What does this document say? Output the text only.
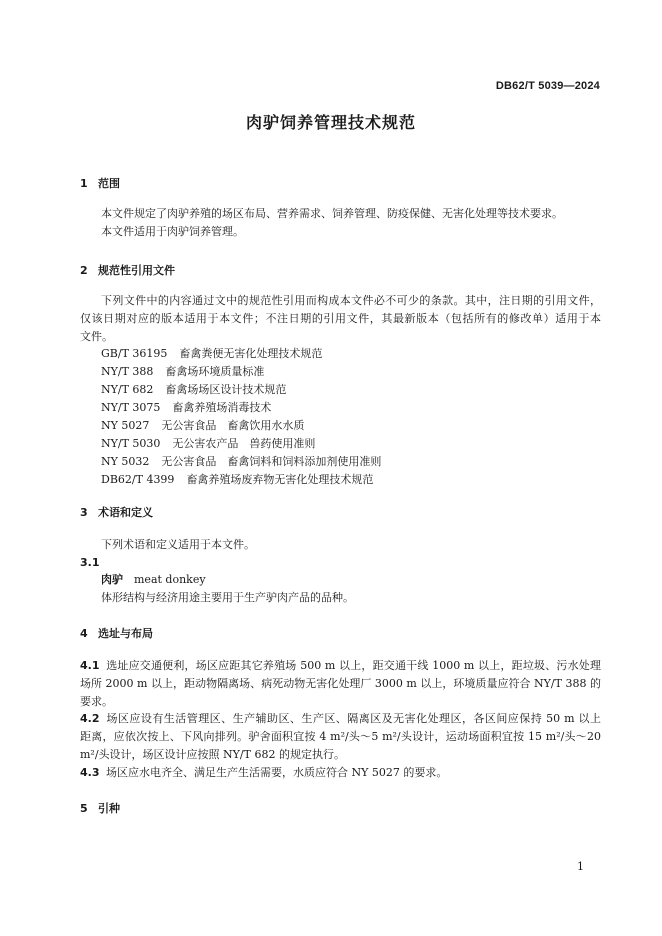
DB62/T 5039—2024
肉驴饲养管理技术规范
1 范围
本文件规定了肉驴养殖的场区布局、营养需求、饲养管理、防疫保健、无害化处理等技术要求。
本文件适用于肉驴饲养管理。
2 规范性引用文件
下列文件中的内容通过文中的规范性引用而构成本文件必不可少的条款。其中，注日期的引用文件，
仅该日期对应的版本适用于本文件；不注日期的引用文件，其最新版本（包括所有的修改单）适用于本
文件。
GB/T 36195 畜禽粪便无害化处理技术规范
NY/T 388 畜禽场环境质量标准
NY/T 682 畜禽场场区设计技术规范
NY/T 3075 畜禽养殖场消毒技术
NY 5027 无公害食品　畜禽饮用水水质
NY/T 5030 无公害农产品　兽药使用准则
NY 5032 无公害食品　畜禽饲料和饲料添加剂使用准则
DB62/T 4399 畜禽养殖场废弃物无害化处理技术规范
3 术语和定义
下列术语和定义适用于本文件。
3.1
肉驴　 meat donkey
体形结构与经济用途主要用于生产驴肉产品的品种。
4 选址与布局
4.1 选址应交通便利，场区应距其它养殖场 500 m 以上，距交通干线 1000 m 以上，距垃圾、污水处理
场所 2000 m 以上，距动物隔离场、病死动物无害化处理厂 3000 m 以上，环境质量应符合 NY/T 388 的
要求。
4.2 场区应设有生活管理区、生产辅助区、生产区、隔离区及无害化处理区，各区间应保持 50 m 以上
距离，应依次按上、下风向排列。驴舍面积宜按 4 m²/头～5 m²/头设计，运动场面积宜按 15 m²/头～20
m²/头设计，场区设计应按照 NY/T 682 的规定执行。
4.3 场区应水电齐全、满足生产生活需要，水质应符合 NY 5027 的要求。
5 引种
1
